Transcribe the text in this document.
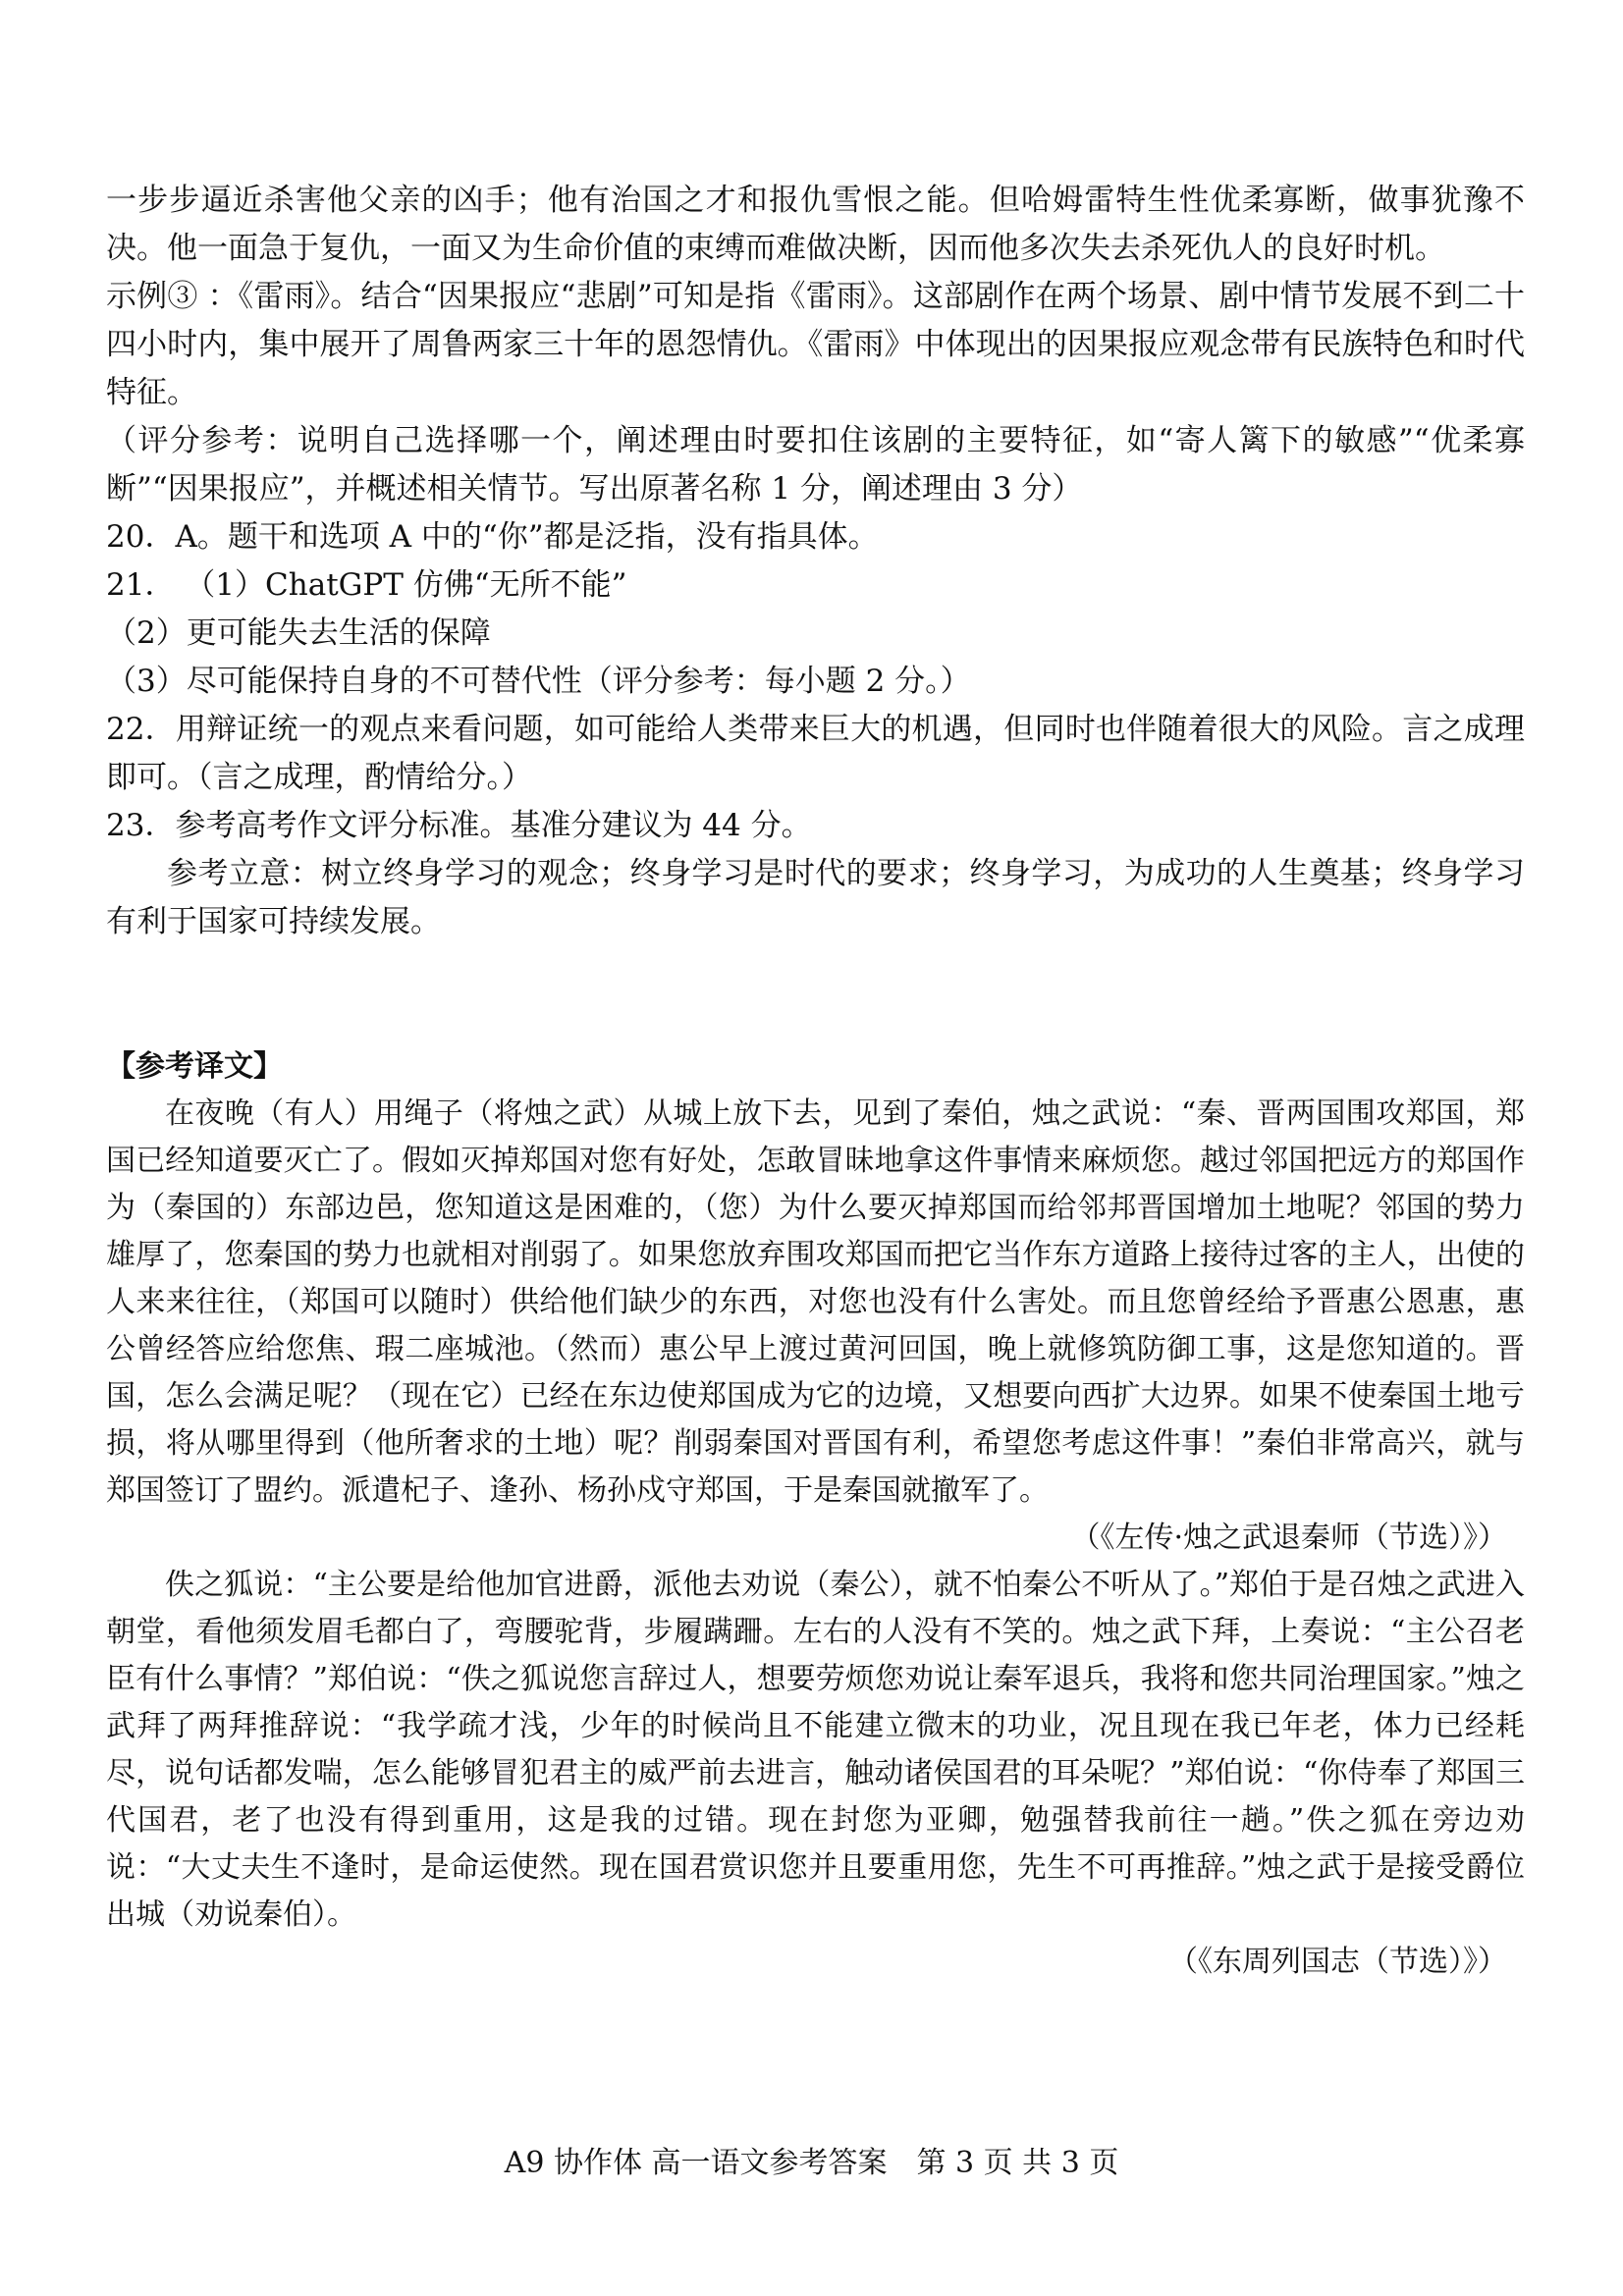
一步步逼近杀害他父亲的凶手；他有治国之才和报仇雪恨之能。但哈姆雷特生性优柔寡断，做事犹豫不决。他一面急于复仇，一面又为生命价值的束缚而难做决断，因而他多次失去杀死仇人的良好时机。

示例③ ：《雷雨》。结合“因果报应“悲剧”可知是指《雷雨》。这部剧作在两个场景、剧中情节发展不到二十四小时内，集中展开了周鲁两家三十年的恩怨情仇。《雷雨》中体现出的因果报应观念带有民族特色和时代特征。

（评分参考：说明自己选择哪一个，阐述理由时要扣住该剧的主要特征，如“寄人篱下的敏感”“优柔寡断”“因果报应”，并概述相关情节。写出原著名称 1 分，阐述理由 3 分）

20．A。题干和选项 A 中的“你”都是泛指，没有指具体。

21． （1）ChatGPT 仿佛“无所不能”

（2）更可能失去生活的保障

（3）尽可能保持自身的不可替代性（评分参考：每小题 2 分。）

22．用辩证统一的观点来看问题，如可能给人类带来巨大的机遇，但同时也伴随着很大的风险。言之成理即可。（言之成理，酌情给分。）

23．参考高考作文评分标准。基准分建议为 44 分。

参考立意：树立终身学习的观念；终身学习是时代的要求；终身学习，为成功的人生奠基；终身学习有利于国家可持续发展。

【参考译文】

在夜晚（有人）用绳子（将烛之武）从城上放下去，见到了秦伯，烛之武说：“秦、晋两国围攻郑国，郑国已经知道要灭亡了。假如灭掉郑国对您有好处，怎敢冒昧地拿这件事情来麻烦您。越过邻国把远方的郑国作为（秦国的）东部边邑，您知道这是困难的，（您）为什么要灭掉郑国而给邻邦晋国增加土地呢？邻国的势力雄厚了，您秦国的势力也就相对削弱了。如果您放弃围攻郑国而把它当作东方道路上接待过客的主人，出使的人来来往往，（郑国可以随时）供给他们缺少的东西，对您也没有什么害处。而且您曾经给予晋惠公恩惠，惠公曾经答应给您焦、瑕二座城池。（然而）惠公早上渡过黄河回国，晚上就修筑防御工事，这是您知道的。晋国，怎么会满足呢？（现在它）已经在东边使郑国成为它的边境，又想要向西扩大边界。如果不使秦国土地亏损，将从哪里得到（他所奢求的土地）呢？削弱秦国对晋国有利，希望您考虑这件事！”秦伯非常高兴，就与郑国签订了盟约。派遣杞子、逢孙、杨孙戍守郑国，于是秦国就撤军了。

（《左传·烛之武退秦师（节选）》）

佚之狐说：“主公要是给他加官进爵，派他去劝说（秦公），就不怕秦公不听从了。”郑伯于是召烛之武进入朝堂，看他须发眉毛都白了，弯腰驼背，步履蹒跚。左右的人没有不笑的。烛之武下拜，上奏说：“主公召老臣有什么事情？”郑伯说：“佚之狐说您言辞过人，想要劳烦您劝说让秦军退兵，我将和您共同治理国家。”烛之武拜了两拜推辞说：“我学疏才浅，少年的时候尚且不能建立微末的功业，况且现在我已年老，体力已经耗尽，说句话都发喘，怎么能够冒犯君主的威严前去进言，触动诸侯国君的耳朵呢？”郑伯说：“你侍奉了郑国三代国君，老了也没有得到重用，这是我的过错。现在封您为亚卿，勉强替我前往一趟。”佚之狐在旁边劝说：“大丈夫生不逢时，是命运使然。现在国君赏识您并且要重用您，先生不可再推辞。”烛之武于是接受爵位出城（劝说秦伯）。

（《东周列国志（节选）》）

A9 协作体 高一语文参考答案　第 3 页 共 3 页
